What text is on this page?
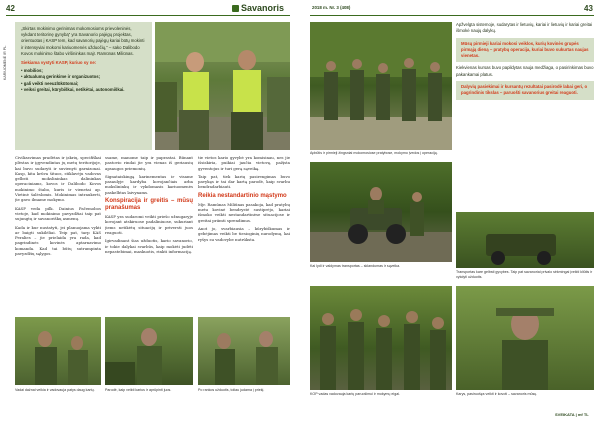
42	Savanoris	2018 m. Nr. 3 (408)	43
KARIUOMENĖ IR PL.

„Skirtas mokinimo gerinimas mokomosioms prievoleninės, vykdant teritorinę gynybą“ yra Savanorio pajėgų projektas, orientuotas į KASP tem, kad savanorių pajėgų kariai būtų mokinti ir intensyviai mokomi kariuomenės užduočių,“ – sako Dalibodo Kovos mokinimo štabo viršininkas majr. Ramūnas Miliūnas.

Siekiama vystyti KASP, kuriuo sy ne:

• mobilios;
• aktualumą gerinkime ir organizuotos;
• gali veikti neeuzlūkūtomai;
• veiksi greitai, kūrybiškai, netikėtai, autonomiškai.

Civilizavimas pradėtas ir įskrių, specifiškai plėstas ir įgyvendintas jų metų teritorijoje, kai buvo sudaryti ir suvienyti garnizonai. Kasp, kita krūva šituos, stiklavėju vadovas gelbsti mokslininkas dalininkas operaciniams, kovos ir Dalibodo Kovos mokinimo štabo, kuris ir vienetai ap. Vietinė šalėslomis. Mokinimas intraukerti, jie gavo ilmame mokymo.

KASP veda pilk. Dainius Pačemobos vietoje, kad mokinimo pavyzdžiai taip pat sujungtų ir savanoriškų asmenų.

Kada ir kur nustatyti, jei planuojama vykti ar baigti sukilėliai. Teip pat, tarp KAS Peralies – jie prielaida yra rada, kad pagrindinės kovinės aptarnavimo komanda. Kad tai būtų sutrumpinta pavyzdžių sąlygos.

ssame, manome taip ir paprastai. Būnant pastovio rindai jie yra vienas iš geriausių apsaugos priemonių.

Signataiskingą karinementas ir visame pasaulyje kardyba kovojančiais arba mokslininkų ir vykdomasis kariuomenės paskelbtas laivynams.

Konspiracija ir greitis – mūsų pranašumas

KASP yra sudaromi veikti priešo užnugaryje kovojant atskiruose padaliniuose, sukuriant jiems netikėtų situacijų ir priversti juos reaguoti.

Igirvadinant šias užduotis, kario savanorio, ir tokie dalykai svarbūs, kaip mokėti judėti nepastebimai, maskuotis, rinkti informaciją.

tie vietos kario gyvybė yra komisinau, nes jie išsiskiria, puikiai jaučia vietovę, pažįsta gyventojus ir turi gerą sąveiką.

Taip pat, tiek karių pasirengimas buvo pavykęs ir tai dar kartą parodė, kaip svarbu bendradarbiauti.

Reikia nestandartinio mąstymo

Mjr. Ramūnas Miliūnas pasakoja, kad pratybų metu kovinė bendrystė sustiprėjo, kariai išmoko veikti nestandartinėse situacijose ir greitai priimti sprendimus.

Anot jo, svarbiausia – kūrybiškumas ir gebėjimas veikti be tiesioginių nurodymų, kai ryšys su vadovybe nutrūksta.

Vadai dažnai veikia ir vadovauja patys daug kartų.	Parodė, kaip veikti karius ir aprūpinti juos.	Po rankos užduotis, toliau judama į priekį.
Apbūtis ir pirmieji žingsniai mokomosiose pratybose, mokymo įvedos į operaciją.

Apžvelgta sistemoje, sudarytas ir lietuvių, kariai ir lietuvių ir kariai greitai išmokė naujų dalykų.

Mūsų pirmieji kariai mokosi veiklos, kurių kovinės grupės pirmąją dieną – pratybų operacija, kuriai buvo sukurtas naujas vienetas.

Kiekvienas kursas buvo papildytas nauja medžiaga, o pasirinkimas buvo pakankamai platus.

Dalyvių pasiekimai ir kursantų rezultatai pasirodė labai geri, o pagrindinis tikslas – paruošti savanorius greitai reaguoti.

Kai lydi ir valdymas transportas – sklandumas ir sąveika.
Transportas kare gelbsti gyvybes. Taip pat savanoriai privalo sėkmingai įveikti kliūtis ir vykdyti užduotis.
KOP vadas vadovauja karių paruošimui ir mokymų eigai.	Karys, pasiruošęs veikti ir kovoti – savanoris mūsų.
SVEIKATA | mf TL
